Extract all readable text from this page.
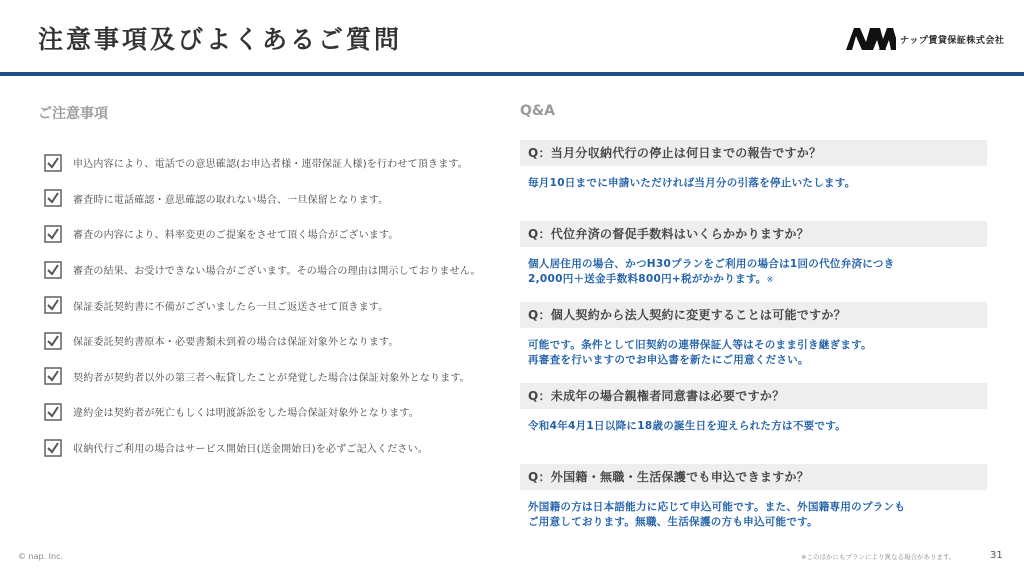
注意事項及びよくあるご質問	ナップ賃貸保証株式会社
ご注意事項	Q&A
申込内容により、電話での意思確認(お申込者様・連帯保証人様)を行わせて頂きます。
審査時に電話確認・意思確認の取れない場合、一旦保留となります。
審査の内容により、料率変更のご提案をさせて頂く場合がございます。
審査の結果、お受けできない場合がございます。その場合の理由は開示しておりません。
保証委託契約書に不備がございましたら一旦ご返送させて頂きます。
保証委託契約書原本・必要書類未到着の場合は保証対象外となります。
契約者が契約者以外の第三者へ転貸したことが発覚した場合は保証対象外となります。
違約金は契約者が死亡もしくは明渡訴訟をした場合保証対象外となります。
収納代行ご利用の場合はサービス開始日(送金開始日)を必ずご記入ください。
Q：当月分収納代行の停止は何日までの報告ですか？
毎月10日までに申請いただければ当月分の引落を停止いたします。
Q：代位弁済の督促手数料はいくらかかりますか？
個人居住用の場合、かつH30プランをご利用の場合は1回の代位弁済につき
2,000円＋送金手数料800円+税がかかります。※
Q：個人契約から法人契約に変更することは可能ですか？
可能です。条件として旧契約の連帯保証人等はそのまま引き継ぎます。
再審査を行いますのでお申込書を新たにご用意ください。
Q：未成年の場合親権者同意書は必要ですか？
令和4年4月1日以降に18歳の誕生日を迎えられた方は不要です。
Q：外国籍・無職・生活保護でも申込できますか？
外国籍の方は日本語能力に応じて申込可能です。また、外国籍専用のプランも
ご用意しております。無職、生活保護の方も申込可能です。
© nap. Inc.	※このほかにもプランにより異なる場合があります。	31
